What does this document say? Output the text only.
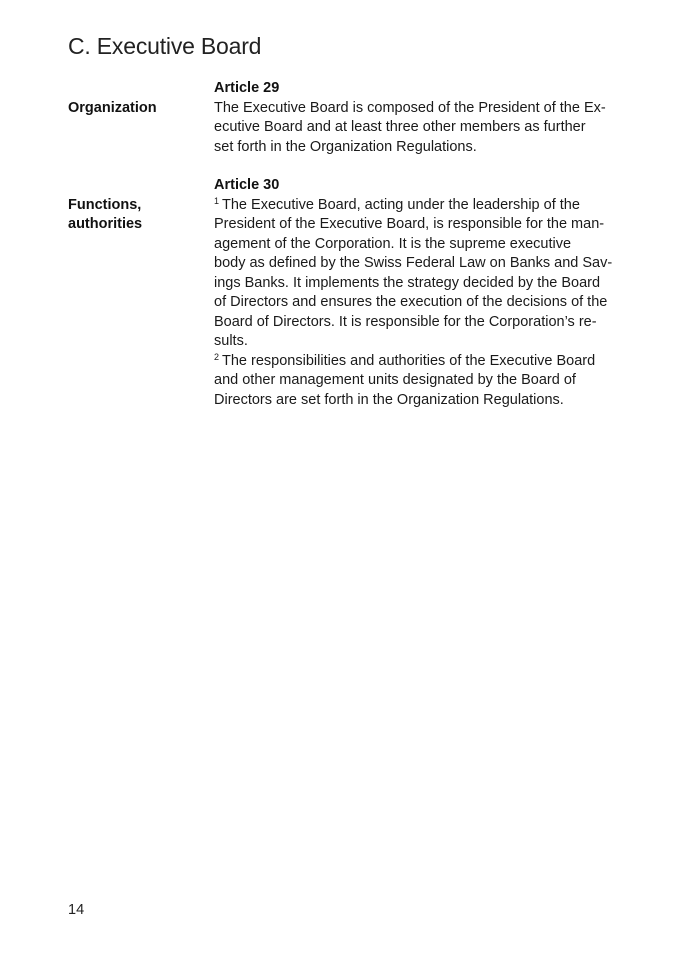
C. Executive Board
Organization
Article 29
The Executive Board is composed of the President of the Ex-
ecutive Board and at least three other members as further
set forth in the Organization Regulations.
Functions,
authorities
Article 30
$^1$ The Executive Board, acting under the leadership of the
President of the Executive Board, is responsible for the man-
agement of the Corporation. It is the supreme executive
body as defined by the Swiss Federal Law on Banks and Sav-
ings Banks. It implements the strategy decided by the Board
of Directors and ensures the execution of the decisions of the
Board of Directors. It is responsible for the Corporation’s re-
sults.
$^2$ The responsibilities and authorities of the Executive Board
and other management units designated by the Board of
Directors are set forth in the Organization Regulations.
14
